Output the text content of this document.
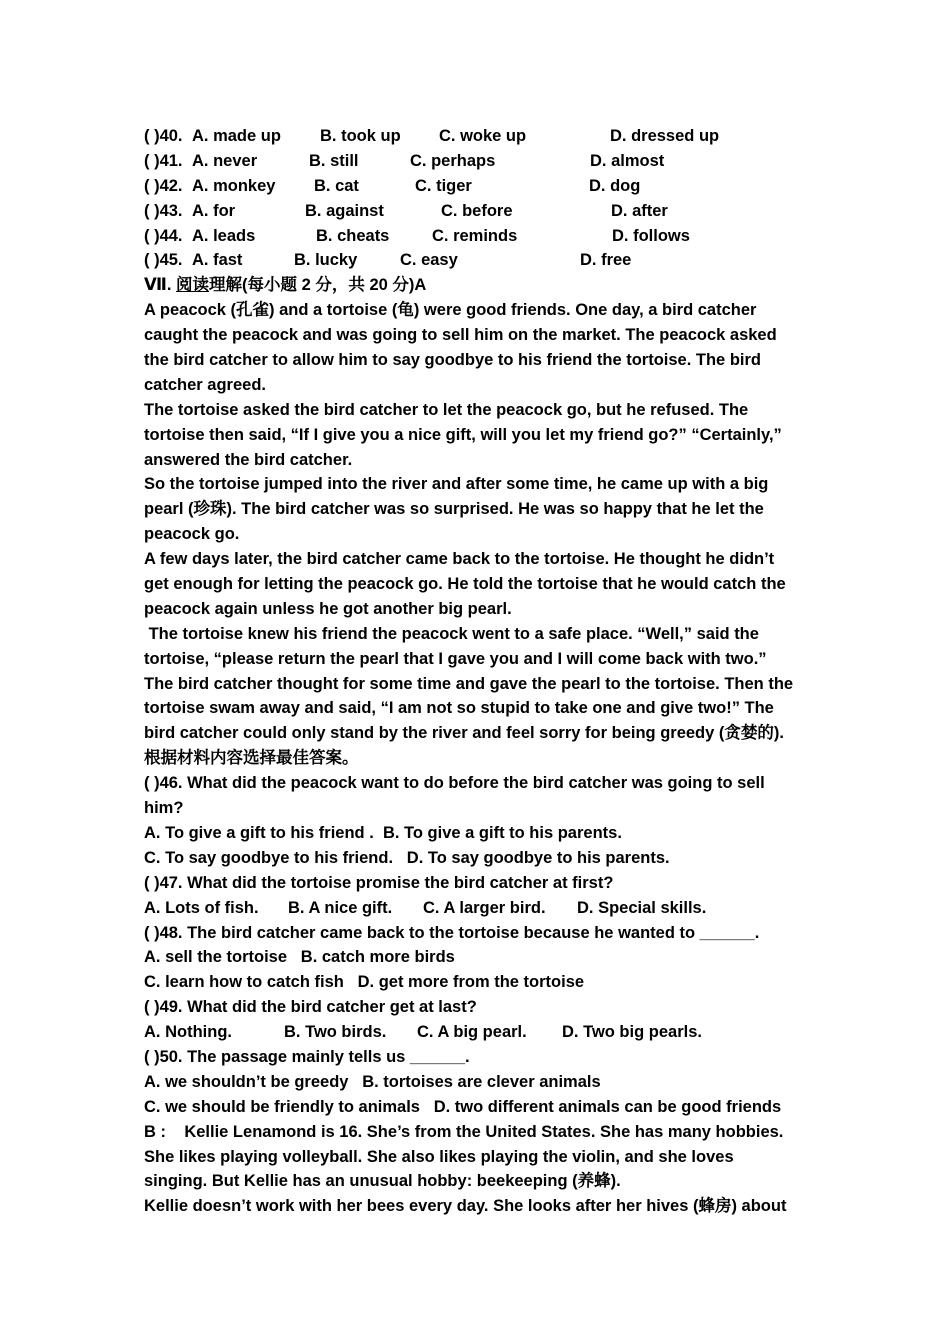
( )40. A. made up B. took up C. woke up	D. dressed up
( )41. A. never	B. still	C. perhaps	D. almost
( )42. A. monkey B. cat	C. tiger	D. dog
( )43. A. for	B. against	C. before	D. after
( )44. A. leads	B. cheats	C. reminds	D. follows
( )45. A. fast	B. lucky	C. easy	D. free
Ⅶ. 阅读理解(每小题 2 分，共 20 分)A
A peacock (孔雀) and a tortoise (龟) were good friends. One day, a bird catcher
caught the peacock and was going to sell him on the market. The peacock asked
the bird catcher to allow him to say goodbye to his friend the tortoise. The bird
catcher agreed.
The tortoise asked the bird catcher to let the peacock go, but he refused. The
tortoise then said, “If I give you a nice gift, will you let my friend go?” “Certainly,”
answered the bird catcher.
So the tortoise jumped into the river and after some time, he came up with a big
pearl (珍珠). The bird catcher was so surprised. He was so happy that he let the
peacock go.
A few days later, the bird catcher came back to the tortoise. He thought he didn’t
get enough for letting the peacock go. He told the tortoise that he would catch the
peacock again unless he got another big pearl.
The tortoise knew his friend the peacock went to a safe place. “Well,” said the
tortoise, “please return the pearl that I gave you and I will come back with two.”
The bird catcher thought for some time and gave the pearl to the tortoise. Then the
tortoise swam away and said, “I am not so stupid to take one and give two!” The
bird catcher could only stand by the river and feel sorry for being greedy (贪婪的).
根据材料内容选择最佳答案。
( )46. What did the peacock want to do before the bird catcher was going to sell
him?
A. To give a gift to his friend .  B. To give a gift to his parents.
C. To say goodbye to his friend.   D. To say goodbye to his parents.
( )47. What did the tortoise promise the bird catcher at first?
A. Lots of fish. B. A nice gift. C. A larger bird. D. Special skills.
( )48. The bird catcher came back to the tortoise because he wanted to ______.
A. sell the tortoise   B. catch more birds
C. learn how to catch fish   D. get more from the tortoise
( )49. What did the bird catcher get at last?
A. Nothing.	B. Two birds. C. A big pearl. D. Two big pearls.
( )50. The passage mainly tells us ______.
A. we shouldn’t be greedy   B. tortoises are clever animals
C. we should be friendly to animals   D. two different animals can be good friends
B :    Kellie Lenamond is 16. She’s from the United States. She has many hobbies.
She likes playing volleyball. She also likes playing the violin, and she loves
singing. But Kellie has an unusual hobby: beekeeping (养蜂).
Kellie doesn’t work with her bees every day. She looks after her hives (蜂房) about
